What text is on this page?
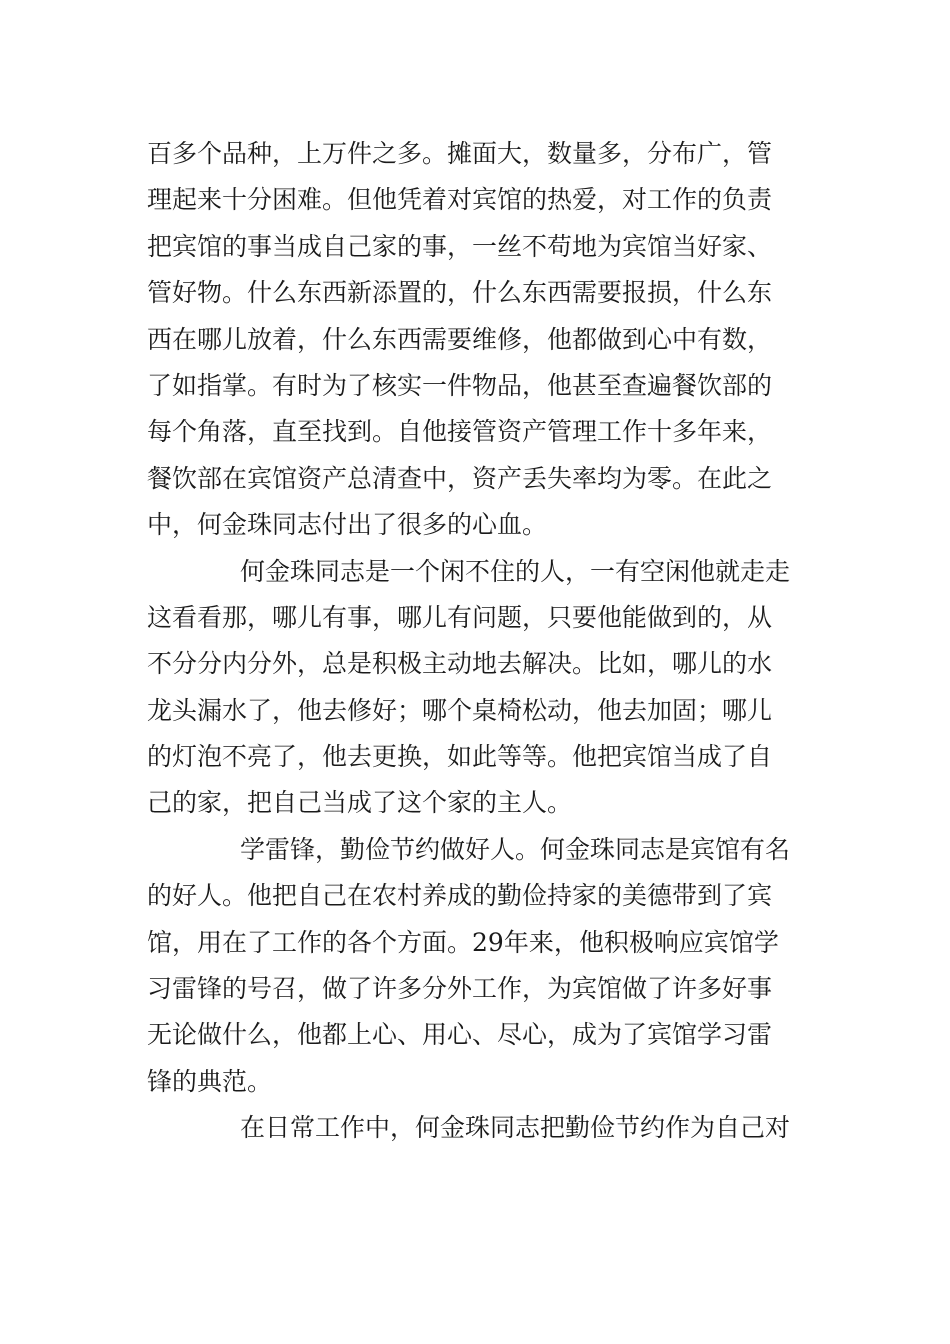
百多个品种，上万件之多。摊面大，数量多，分布广，管
理起来十分困难。但他凭着对宾馆的热爱，对工作的负责
把宾馆的事当成自己家的事，一丝不苟地为宾馆当好家、
管好物。什么东西新添置的，什么东西需要报损，什么东
西在哪儿放着，什么东西需要维修，他都做到心中有数，
了如指掌。有时为了核实一件物品，他甚至查遍餐饮部的
每个角落，直至找到。自他接管资产管理工作十多年来，
餐饮部在宾馆资产总清查中，资产丢失率均为零。在此之
中，何金珠同志付出了很多的心血。
何金珠同志是一个闲不住的人，一有空闲他就走走
这看看那，哪儿有事，哪儿有问题，只要他能做到的，从
不分分内分外，总是积极主动地去解决。比如，哪儿的水
龙头漏水了，他去修好；哪个桌椅松动，他去加固；哪儿
的灯泡不亮了，他去更换，如此等等。他把宾馆当成了自
己的家，把自己当成了这个家的主人。
学雷锋，勤俭节约做好人。何金珠同志是宾馆有名
的好人。他把自己在农村养成的勤俭持家的美德带到了宾
馆，用在了工作的各个方面。29年来，他积极响应宾馆学
习雷锋的号召，做了许多分外工作，为宾馆做了许多好事
无论做什么，他都上心、用心、尽心，成为了宾馆学习雷
锋的典范。
在日常工作中，何金珠同志把勤俭节约作为自己对
